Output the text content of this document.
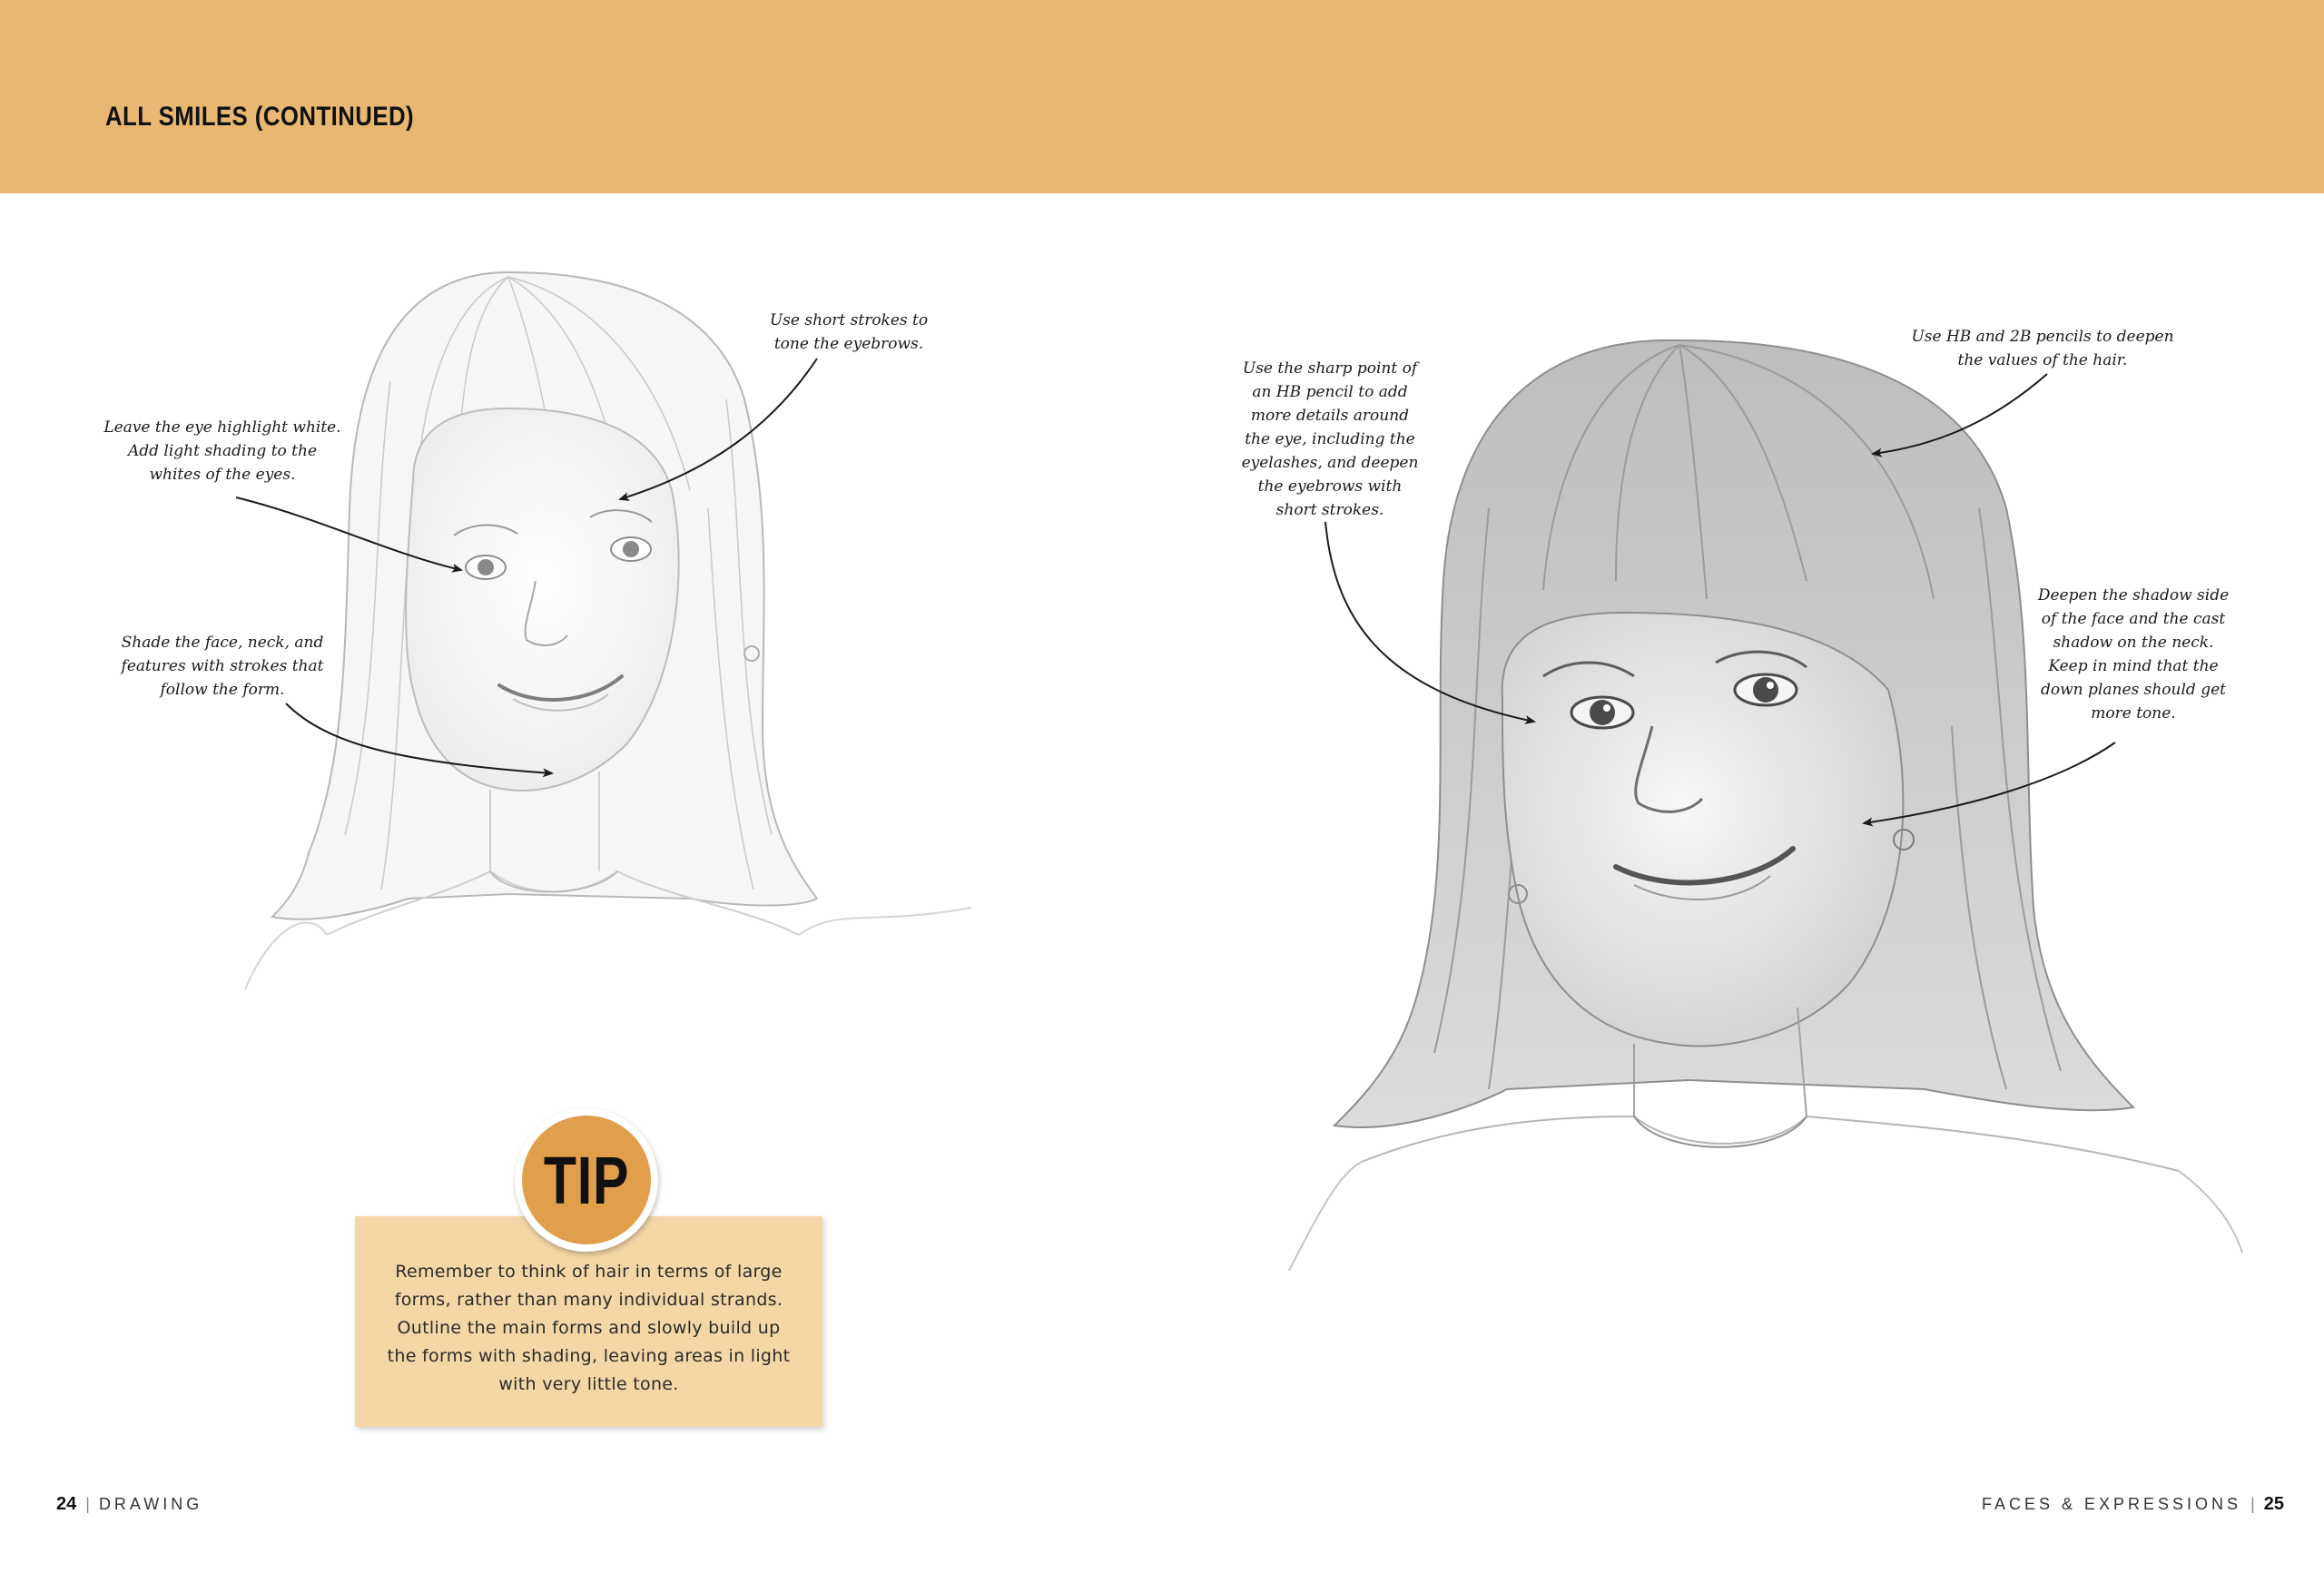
ALL SMILES (CONTINUED)
Use short strokes to tone the eyebrows.
Leave the eye highlight white. Add light shading to the whites of the eyes.
Shade the face, neck, and features with strokes that follow the form.
Use HB and 2B pencils to deepen the values of the hair.
Use the sharp point of an HB pencil to add more details around the eye, including the eyelashes, and deepen the eyebrows with short strokes.
Deepen the shadow side of the face and the cast shadow on the neck. Keep in mind that the down planes should get more tone.
Remember to think of hair in terms of large forms, rather than many individual strands. Outline the main forms and slowly build up the forms with shading, leaving areas in light with very little tone.
TIP
24 | DRAWING	FACES & EXPRESSIONS | 25
